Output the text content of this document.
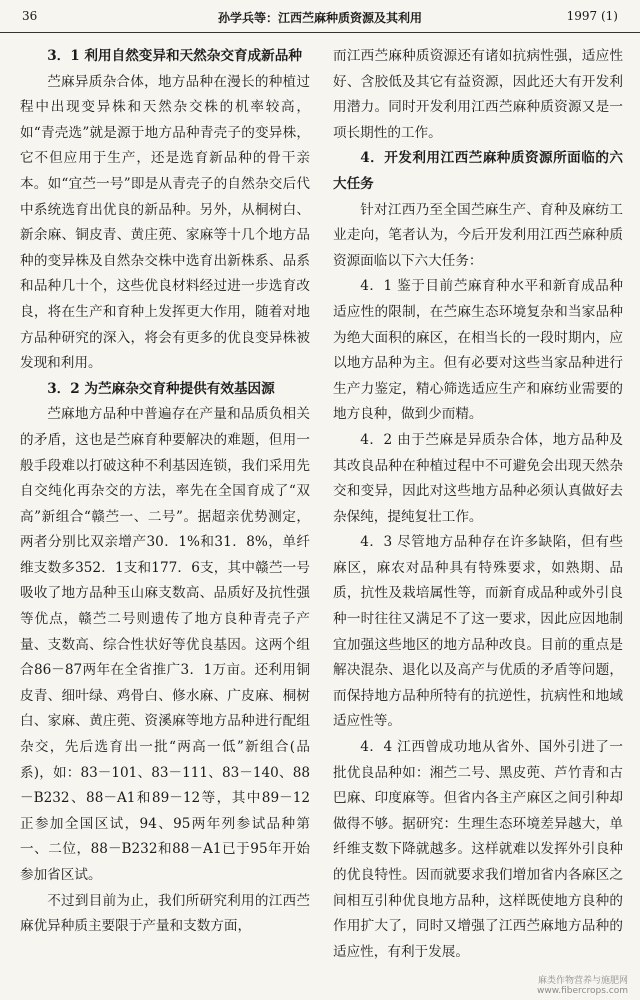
36	孙学兵等：江西苎麻种质资源及其利用	1997 (1)
3．1 利用自然变异和天然杂交育成新品种

苎麻异质杂合体，地方品种在漫长的种植过程中出现变异株和天然杂交株的机率较高，如“青壳选”就是源于地方品种青壳子的变异株，它不但应用于生产，还是选育新品种的骨干亲本。如“宜苎一号”即是从青壳子的自然杂交后代中系统选育出优良的新品种。另外，从桐树白、新余麻、铜皮青、黄庄蔸、家麻等十几个地方品种的变异株及自然杂交株中选育出新株系、品系和品种几十个，这些优良材料经过进一步选育改良，将在生产和育种上发挥更大作用，随着对地方品种研究的深入，将会有更多的优良变异株被发现和利用。

3．2 为苎麻杂交育种提供有效基因源

苎麻地方品种中普遍存在产量和品质负相关的矛盾，这也是苎麻育种要解决的难题，但用一般手段难以打破这种不利基因连锁，我们采用先自交纯化再杂交的方法，率先在全国育成了“双高”新组合“赣苎一、二号”。据超亲优势测定，两者分别比双亲增产30．1%和31．8%，单纤维支数多352．1支和177．6支，其中赣苎一号吸收了地方品种玉山麻支数高、品质好及抗性强等优点，赣苎二号则遗传了地方良种青壳子产量、支数高、综合性状好等优良基因。这两个组合86－87两年在全省推广3．1万亩。还利用铜皮青、细叶绿、鸡骨白、修水麻、广皮麻、桐树白、家麻、黄庄蔸、资溪麻等地方品种进行配组杂交，先后选育出一批“两高一低”新组合(品系)，如：83－101、83－111、83－140、88－B232、88－A1和89－12等，其中89－12正参加全国区试，94、95两年列参试品种第一、二位，88－B232和88－A1已于95年开始参加省区试。

不过到目前为止，我们所研究利用的江西苎麻优异种质主要限于产量和支数方面，

而江西苎麻种质资源还有诸如抗病性强，适应性好、含胶低及其它有益资源，因此还大有开发利用潜力。同时开发利用江西苎麻种质资源又是一项长期性的工作。

4．开发利用江西苎麻种质资源所面临的六大任务

针对江西乃至全国苎麻生产、育种及麻纺工业走向，笔者认为，今后开发利用江西苎麻种质资源面临以下六大任务：

4．1 鉴于目前苎麻育种水平和新育成品种适应性的限制，在苎麻生态环境复杂和当家品种为绝大面积的麻区，在相当长的一段时期内，应以地方品种为主。但有必要对这些当家品种进行生产力鉴定，精心筛选适应生产和麻纺业需要的地方良种，做到少而精。

4．2 由于苎麻是异质杂合体，地方品种及其改良品种在种植过程中不可避免会出现天然杂交和变异，因此对这些地方品种必须认真做好去杂保纯，提纯复壮工作。

4．3 尽管地方品种存在许多缺陷，但有些麻区，麻农对品种具有特殊要求，如熟期、品质，抗性及栽培属性等，而新育成品种或外引良种一时往往又满足不了这一要求，因此应因地制宜加强这些地区的地方品种改良。目前的重点是解决混杂、退化以及高产与优质的矛盾等问题，而保持地方品种所特有的抗逆性，抗病性和地域适应性等。

4．4 江西曾成功地从省外、国外引进了一批优良品种如：湘苎二号、黑皮蔸、芦竹青和古巴麻、印度麻等。但省内各主产麻区之间引种却做得不够。据研究：生理生态环境差异越大，单纤维支数下降就越多。这样就难以发挥外引良种的优良特性。因而就要求我们增加省内各麻区之间相互引种优良地方品种，这样既使地方良种的作用扩大了，同时又增强了江西苎麻地方品种的适应性，有利于发展。

麻类作物营养与施肥网
www.fibercrops.com
